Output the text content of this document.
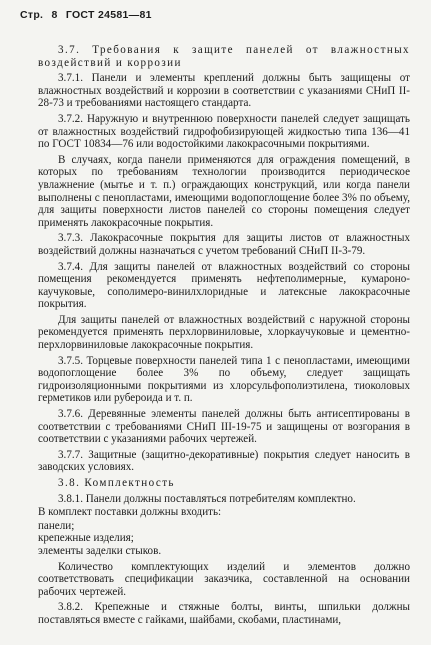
Стр. 8 ГОСТ 24581—81

3.7. Требования к защите панелей от влажностных воздействий и коррозии

3.7.1. Панели и элементы креплений должны быть защищены от влажностных воздействий и коррозии в соответствии с указаниями СНиП II-28-73 и требованиями настоящего стандарта.

3.7.2. Наружную и внутреннюю поверхности панелей следует защищать от влажностных воздействий гидрофобизирующей жидкостью типа 136—41 по ГОСТ 10834—76 или водостойкими лакокрасочными покрытиями.

В случаях, когда панели применяются для ограждения помещений, в которых по требованиям технологии производится периодическое увлажнение (мытье и т. п.) ограждающих конструкций, или когда панели выполнены с пенопластами, имеющими водопоглощение более 3% по объему, для защиты поверхности листов панелей со стороны помещения следует применять лакокрасочные покрытия.

3.7.3. Лакокрасочные покрытия для защиты листов от влажностных воздействий должны назначаться с учетом требований СНиП II-3-79.

3.7.4. Для защиты панелей от влажностных воздействий со стороны помещения рекомендуется применять нефтеполимерные, кумароно-каучуковые, сополимеро-винилхлоридные и латексные лакокрасочные покрытия.

Для защиты панелей от влажностных воздействий с наружной стороны рекомендуется применять перхлорвиниловые, хлоркаучуковые и цементно-перхлорвиниловые лакокрасочные покрытия.

3.7.5. Торцевые поверхности панелей типа 1 с пенопластами, имеющими водопоглощение более 3% по объему, следует защищать гидроизоляционными покрытиями из хлорсульфополиэтилена, тиоколовых герметиков или рубероида и т. п.

3.7.6. Деревянные элементы панелей должны быть антисептированы в соответствии с требованиями СНиП III-19-75 и защищены от возгорания в соответствии с указаниями рабочих чертежей.

3.7.7. Защитные (защитно-декоративные) покрытия следует наносить в заводских условиях.

3.8. Комплектность

3.8.1. Панели должны поставляться потребителям комплектно.

В комплект поставки должны входить:

панели;

крепежные изделия;

элементы заделки стыков.

Количество комплектующих изделий и элементов должно соответствовать спецификации заказчика, составленной на основании рабочих чертежей.

3.8.2. Крепежные и стяжные болты, винты, шпильки должны поставляться вместе с гайками, шайбами, скобами, пластинами,
